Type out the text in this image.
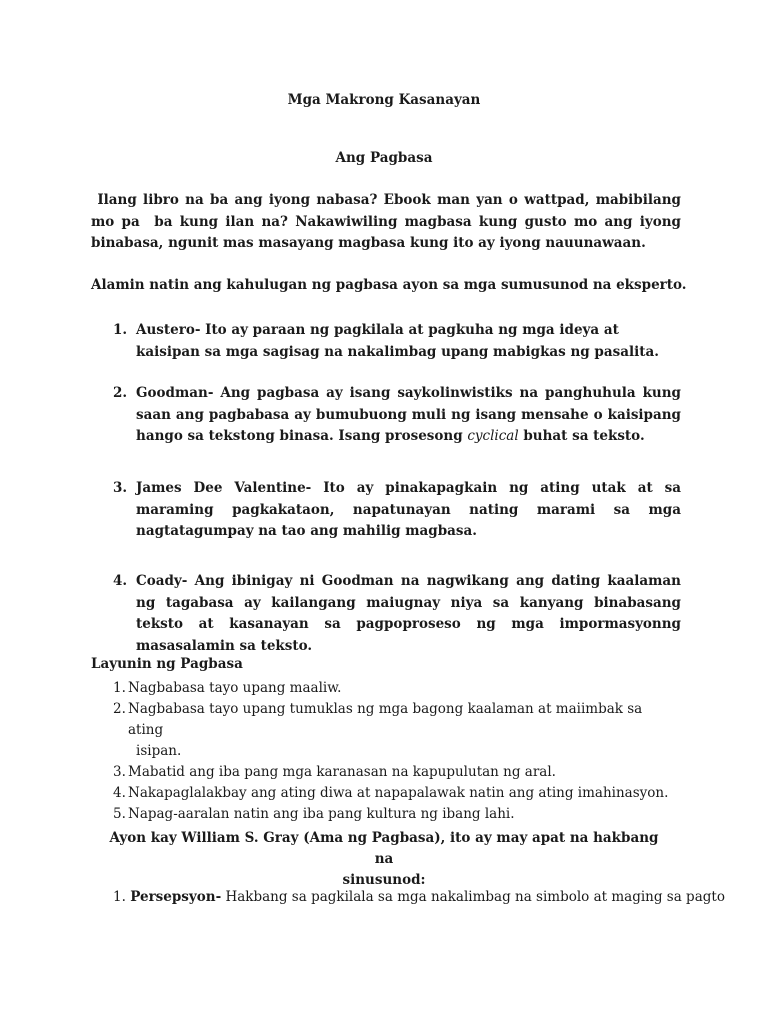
Mga Makrong Kasanayan
Ang Pagbasa
Ilang libro na ba ang iyong nabasa? Ebook man yan o wattpad, mabibilang mo pa  ba kung ilan na? Nakawiwiling magbasa kung gusto mo ang iyong binabasa, ngunit mas masayang magbasa kung ito ay iyong nauunawaan.
Alamin natin ang kahulugan ng pagbasa ayon sa mga sumusunod na eksperto.
1. Austero- Ito ay paraan ng pagkilala at pagkuha ng mga ideya at kaisipan sa mga sagisag na nakalimbag upang mabigkas ng pasalita.
2. Goodman- Ang pagbasa ay isang saykolinwistiks na panghuhula kung saan ang pagbabasa ay bumubuong muli ng isang mensahe o kaisipang hango sa tekstong binasa. Isang prosesong cyclical buhat sa teksto.
3. James Dee Valentine- Ito ay pinakapagkain ng ating utak at sa maraming pagkakataon, napatunayan nating marami sa mga nagtatagumpay na tao ang mahilig magbasa.
4. Coady- Ang ibinigay ni Goodman na nagwikang ang dating kaalaman ng tagabasa ay kailangang maiugnay niya sa kanyang binabasang teksto at kasanayan sa pagpoproseso ng mga impormasyonng masasalamin sa teksto.
Layunin ng Pagbasa
1. Nagbabasa tayo upang maaliw.
2. Nagbabasa tayo upang tumuklas ng mga bagong kaalaman at maiimbak sa ating
isipan.
3. Mabatid ang iba pang mga karanasan na kapupulutan ng aral.
4. Nakapaglalakbay ang ating diwa at napapalawak natin ang ating imahinasyon.
5. Napag-aaralan natin ang iba pang kultura ng ibang lahi.
Ayon kay William S. Gray (Ama ng Pagbasa), ito ay may apat na hakbang na
sinusunod:
1. Persepsyon- Hakbang sa pagkilala sa mga nakalimbag na simbolo at maging sa pagto
